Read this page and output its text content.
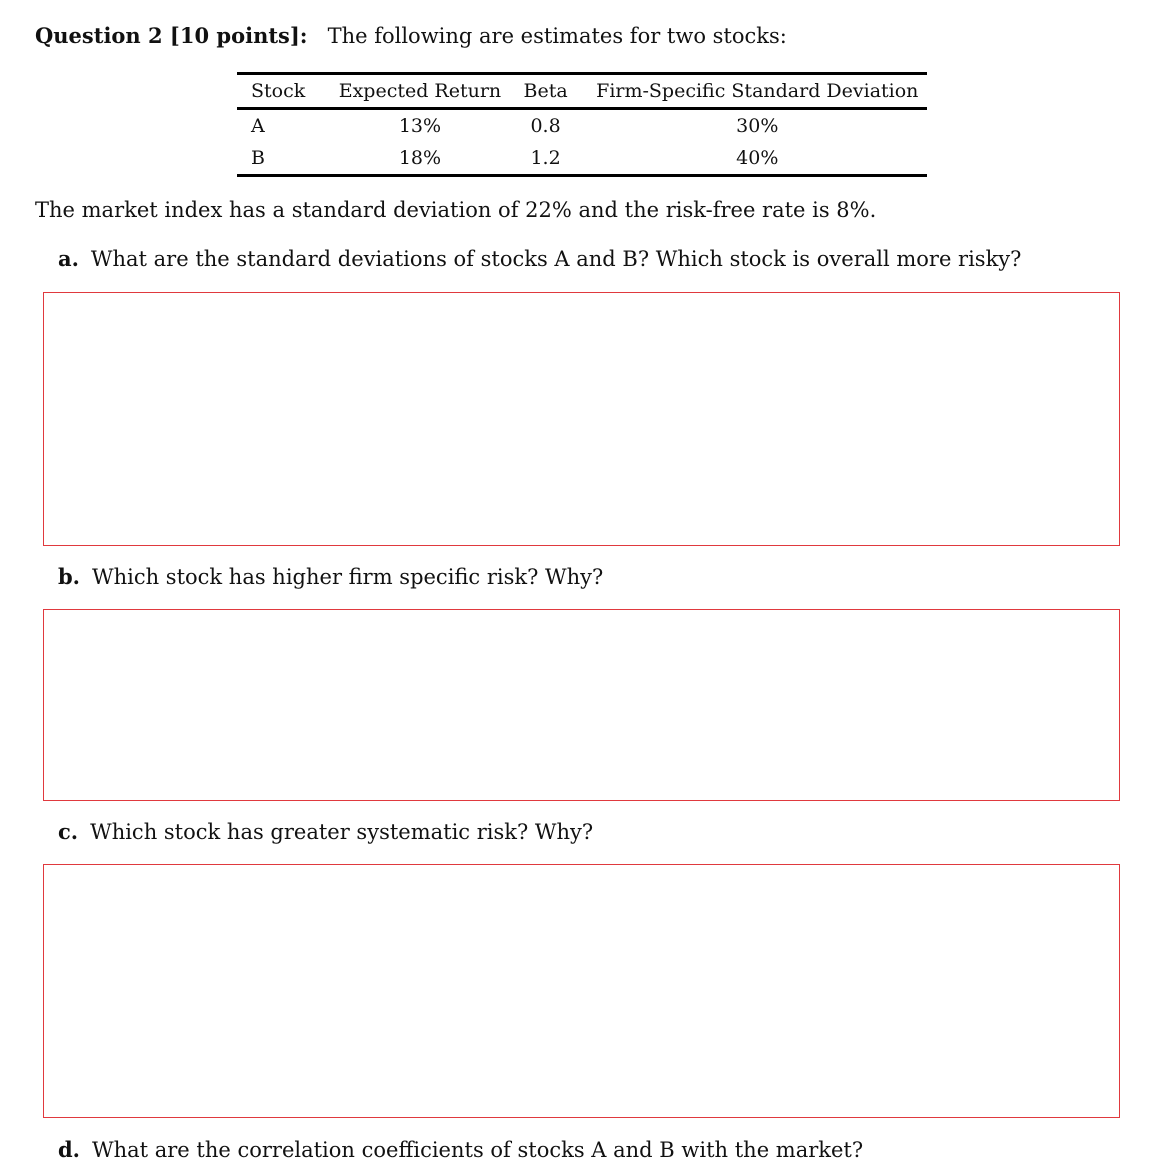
Question 2 [10 points]: The following are estimates for two stocks:
Stock	Expected Return	Beta	Firm-Specific Standard Deviation
A	13%	0.8	30%
B	18%	1.2	40%
The market index has a standard deviation of 22% and the risk-free rate is 8%.
a. What are the standard deviations of stocks A and B? Which stock is overall more risky?
b. Which stock has higher firm specific risk? Why?
c. Which stock has greater systematic risk? Why?
d. What are the correlation coefficients of stocks A and B with the market?
